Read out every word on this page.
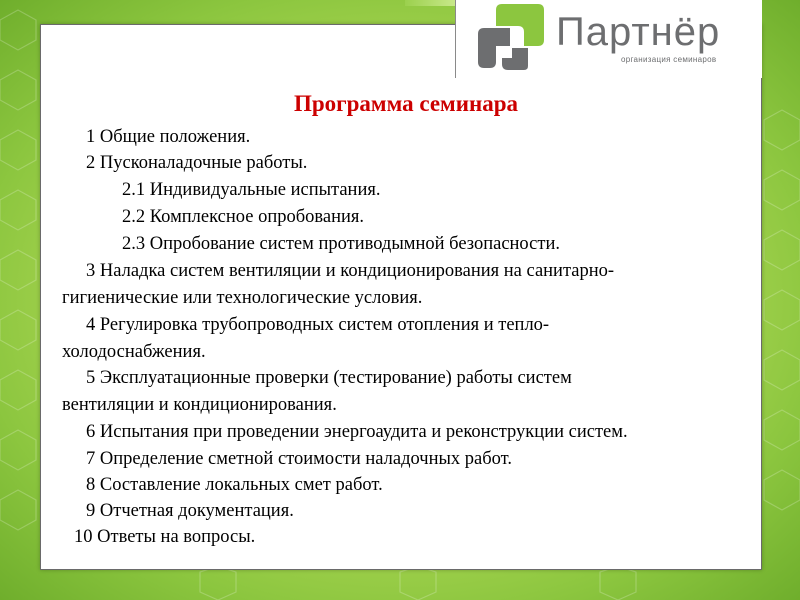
Партнёр
организация семинаров
Программа семинара
1 Общие положения.
2 Пусконаладочные работы.
2.1 Индивидуальные испытания.
2.2 Комплексное опробования.
2.3 Опробование систем противодымной безопасности.
3 Наладка систем вентиляции и кондиционирования на санитарно-
гигиенические или технологические условия.
4 Регулировка трубопроводных систем отопления и тепло-
холодоснабжения.
5 Эксплуатационные проверки (тестирование) работы систем
вентиляции и кондиционирования.
6 Испытания при проведении энергоаудита и реконструкции систем.
7 Определение сметной стоимости наладочных работ.
8 Составление локальных смет работ.
9 Отчетная документация.
10 Ответы на вопросы.
